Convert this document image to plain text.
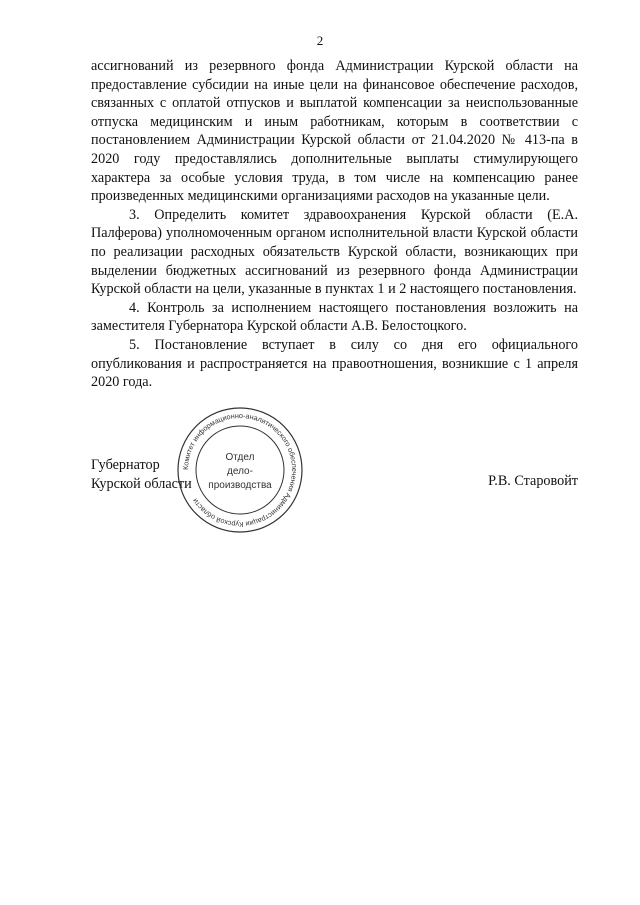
2

ассигнований из резервного фонда Администрации Курской области на предоставление субсидии на иные цели на финансовое обеспечение расходов, связанных с оплатой отпусков и выплатой компенсации за неиспользованные отпуска медицинским и иным работникам, которым в соответствии с постановлением Администрации Курской области от 21.04.2020 № 413-па в 2020 году предоставлялись дополнительные выплаты стимулирующего характера за особые условия труда, в том числе на компенсацию ранее произведенных медицинскими организациями расходов на указанные цели.

3. Определить комитет здравоохранения Курской области (Е.А. Палферова) уполномоченным органом исполнительной власти Курской области по реализации расходных обязательств Курской области, возникающих при выделении бюджетных ассигнований из резервного фонда Администрации Курской области на цели, указанные в пунктах 1 и 2 настоящего постановления.

4. Контроль за исполнением настоящего постановления возложить на заместителя Губернатора Курской области А.В. Белостоцкого.

5. Постановление вступает в силу со дня его официального опубликования и распространяется на правоотношения, возникшие с 1 апреля 2020 года.

Губернатор
Курской области	Р.В. Старовойт
Комитет информационно-аналитического обеспечения Администрации Курской области
Отдел
дело-
производства
